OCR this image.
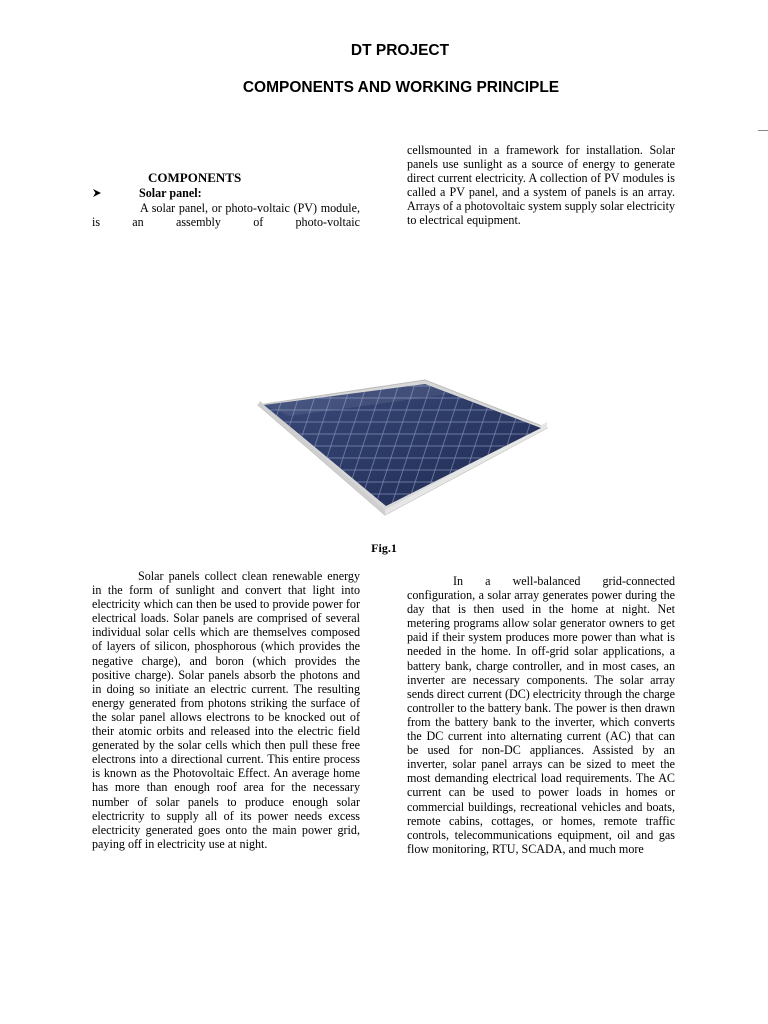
DT PROJECT
COMPONENTS AND WORKING PRINCIPLE
COMPONENTS
Solar panel:

A solar panel, or photo-voltaic (PV) module, is an assembly of photo-voltaic

cellsmounted in a framework for installation. Solar panels use sunlight as a source of energy to generate direct current electricity. A collection of PV modules is called a PV panel, and a system of panels is an array. Arrays of a photovoltaic system supply solar electricity to electrical equipment.

Fig.1

Solar panels collect clean renewable energy in the form of sunlight and convert that light into electricity which can then be used to provide power for electrical loads. Solar panels are comprised of several individual solar cells which are themselves composed of layers of silicon, phosphorous (which provides the negative charge), and boron (which provides the positive charge). Solar panels absorb the photons and in doing so initiate an electric current. The resulting energy generated from photons striking the surface of the solar panel allows electrons to be knocked out of their atomic orbits and released into the electric field generated by the solar cells which then pull these free electrons into a directional current. This entire process is known as the Photovoltaic Effect. An average home has more than enough roof area for the necessary number of solar panels to produce enough solar electricrity to supply all of its power needs excess electricity generated goes onto the main power grid, paying off in electricity use at night.

In a well-balanced grid-connected configuration, a solar array generates power during the day that is then used in the home at night. Net metering programs allow solar generator owners to get paid if their system produces more power than what is needed in the home. In off-grid solar applications, a battery bank, charge controller, and in most cases, an inverter are necessary components. The solar array sends direct current (DC) electricity through the charge controller to the battery bank. The power is then drawn from the battery bank to the inverter, which converts the DC current into alternating current (AC) that can be used for non-DC appliances. Assisted by an inverter, solar panel arrays can be sized to meet the most demanding electrical load requirements. The AC current can be used to power loads in homes or commercial buildings, recreational vehicles and boats, remote cabins, cottages, or homes, remote traffic controls, telecommunications equipment, oil and gas flow monitoring, RTU, SCADA, and much more
